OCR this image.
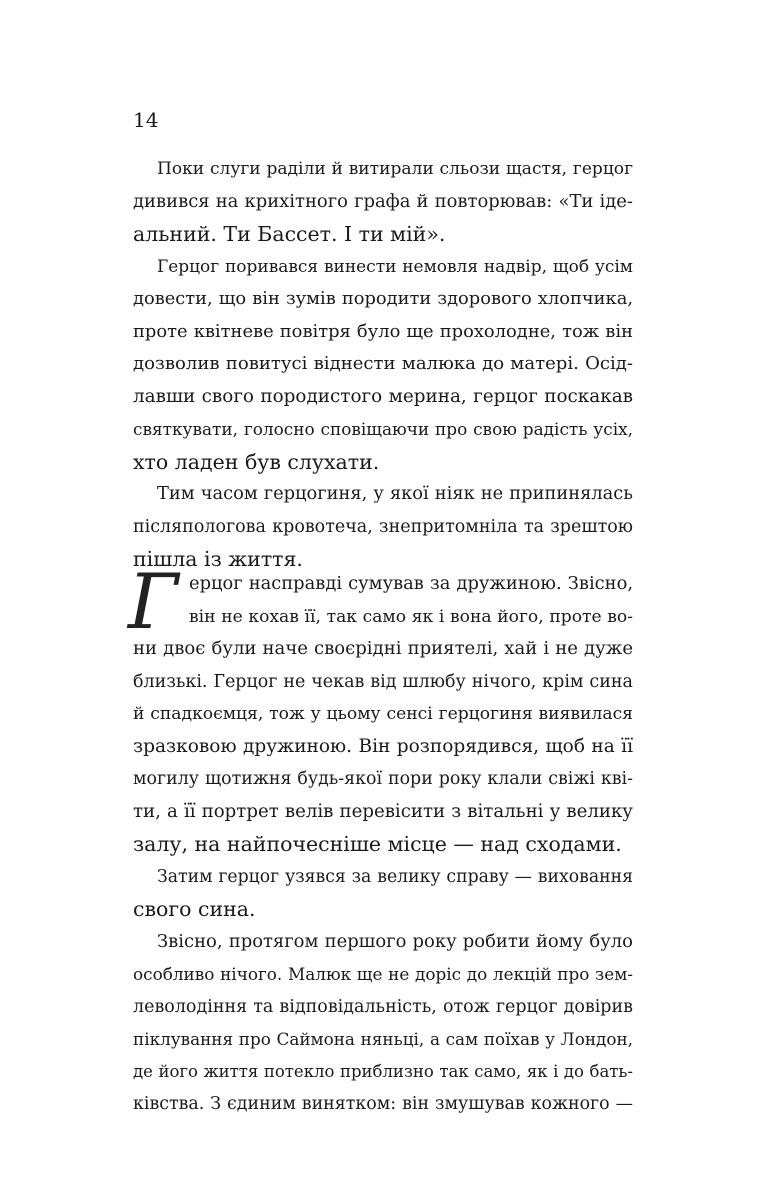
14
Поки слуги раділи й витирали сльози щастя, герцог
дивився на крихітного графа й повторював: «Ти іде-
альний. Ти Бассет. І ти мій».
Герцог поривався винести немовля надвір, щоб усім
довести, що він зумів породити здорового хлопчика,
проте квітневе повітря було ще прохолодне, тож він
дозволив повитусі віднести малюка до матері. Осід-
лавши свого породистого мерина, герцог поскакав
святкувати, голосно сповіщаючи про свою радість усіх,
хто ладен був слухати.
Тим часом герцогиня, у якої ніяк не припинялась
післяпологова кровотеча, знепритомніла та зрештою
пішла із життя.
Г ерцог насправді сумував за дружиною. Звісно,
він не кохав її, так само як і вона його, проте во-
ни двоє були наче своєрідні приятелі, хай і не дуже
близькі. Герцог не чекав від шлюбу нічого, крім сина
й спадкоємця, тож у цьому сенсі герцогиня виявилася
зразковою дружиною. Він розпорядився, щоб на її
могилу щотижня будь-якої пори року клали свіжі кві-
ти, а її портрет велів перевісити з вітальні у велику
залу, на найпочесніше місце — над сходами.
Затим герцог узявся за велику справу — виховання
свого сина.
Звісно, протягом першого року робити йому було
особливо нічого. Малюк ще не доріс до лекцій про зем-
леволодіння та відповідальність, отож герцог довірив
піклування про Саймона няньці, а сам поїхав у Лондон,
де його життя потекло приблизно так само, як і до бать-
ківства. З єдиним винятком: він змушував кожного —
